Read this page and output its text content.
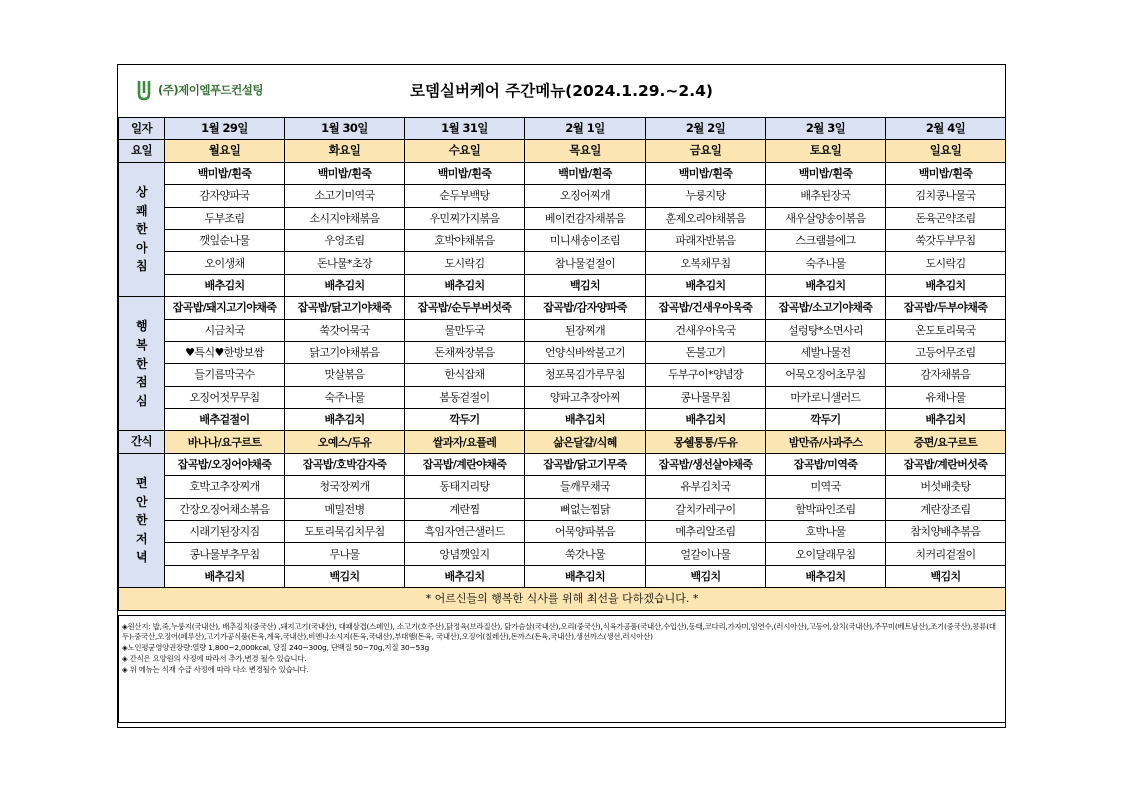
(주)제이엘푸드컨설팅	로뎀실버케어 주간메뉴(2024.1.29.~2.4)
일자	1월 29일	1월 30일	1월 31일	2월 1일	2월 2일	2월 3일	2월 4일
요일	월요일	화요일	수요일	목요일	금요일	토요일	일요일
상
쾌
한
아
침	백미밥/흰죽	백미밥/흰죽	백미밥/흰죽	백미밥/흰죽	백미밥/흰죽	백미밥/흰죽	백미밥/흰죽
	감자양파국	소고기미역국	순두부백탕	오징어찌개	누룽지탕	배추된장국	김치콩나물국
	두부조림	소시지야채볶음	우민찌가지볶음	베이컨감자채볶음	훈제오리야채볶음	새우살양송이볶음	돈육곤약조림
	깻잎순나물	우엉조림	호박야채볶음	미니새송이조림	파래자반볶음	스크램블에그	쑥갓두부무침
	오이생채	돈나물*초장	도시락김	참나물겉절이	오복채무침	숙주나물	도시락김
	배추김치	배추김치	배추김치	백김치	배추김치	배추김치	배추김치
행
복
한
점
심	잡곡밥/돼지고기야채죽	잡곡밥/닭고기야채죽	잡곡밥/순두부버섯죽	잡곡밥/감자양파죽	잡곡밥/건새우아욱죽	잡곡밥/소고기야채죽	잡곡밥/두부야채죽
	시금치국	쑥갓어묵국	물만두국	된장찌개	건새우아욱국	설렁탕*소면사리	온도토리묵국
	♥특식♥한방보쌈	닭고기야채볶음	돈채짜장볶음	언양식바싹불고기	돈불고기	세발나물전	고등어무조림
	들기름막국수	맛살볶음	한식잡채	청포묵김가루무침	두부구이*양념장	어묵오징어초무침	감자채볶음
	오징어젓무무침	숙주나물	봄동겉절이	양파고추장아찌	콩나물무침	마카로니샐러드	유채나물
	배추겉절이	배추김치	깍두기	배추김치	배추김치	깍두기	배추김치
간식	바나나/요구르트	오예스/두유	쌀과자/요플레	삶은달걀/식혜	몽쉘통통/두유	밤만쥬/사과주스	증편/요구르트
편
안
한
저
녁	잡곡밥/오징어야채죽	잡곡밥/호박감자죽	잡곡밥/계란야채죽	잡곡밥/닭고기무죽	잡곡밥/생선살야채죽	잡곡밥/미역죽	잡곡밥/계란버섯죽
	호박고추장찌개	청국장찌개	동태지리탕	들깨무채국	유부김치국	미역국	버섯배춧탕
	간장오징어채소볶음	메밀전병	계란찜	뼈없는찜닭	갈치카레구이	함박파인조림	계란장조림
	시래기된장지짐	도토리묵김치무침	흑임자연근샐러드	어묵양파볶음	메추리알조림	호박나물	참치양배추볶음
	콩나물부추무침	무나물	앙념깻잎지	쑥갓나물	얼갈이나물	오이달래무침	치커리겉절이
	배추김치	백김치	배추김치	배추김치	백김치	배추김치	백김치
* 어르신들의 행복한 식사를 위해 최선을 다하겠습니다. *							

◈원산지: 밥,죽,누룽지(국내산), 배추김치(중국산) ,돼지고기(국내산), 대패삼겹(스페인), 소고기(호주산),닭정육(브라질산), 닭가슴살(국내산),오리(중국산),식육가공품(국내산,수입산),동태,코다리,가자미,임연수,(러시아산),고등어,삼치(국내산),주꾸미(베트남산),조기(중국산),콩류(대두)-중국산,오징어(페루산),고기가공식품(돈육,계육,국내산),비엔나소시지(돈육,국내산),부대햄(돈육, 국내산),오징어(칠레산),돈까스(돈육,국내산),생선까스(생선,러시아산)
◈노인평균영양권장량:열량 1,800~2,000kcal, 당질 240~300g, 단백질 50~70g,지질 30~53g
◈ 간식은 요양원의 사정에 따라서 추가,변경 될수 있습니다.
◈ 위 메뉴는 식재 수급 사정에 따라 다소 변경될수 있습니다.							
